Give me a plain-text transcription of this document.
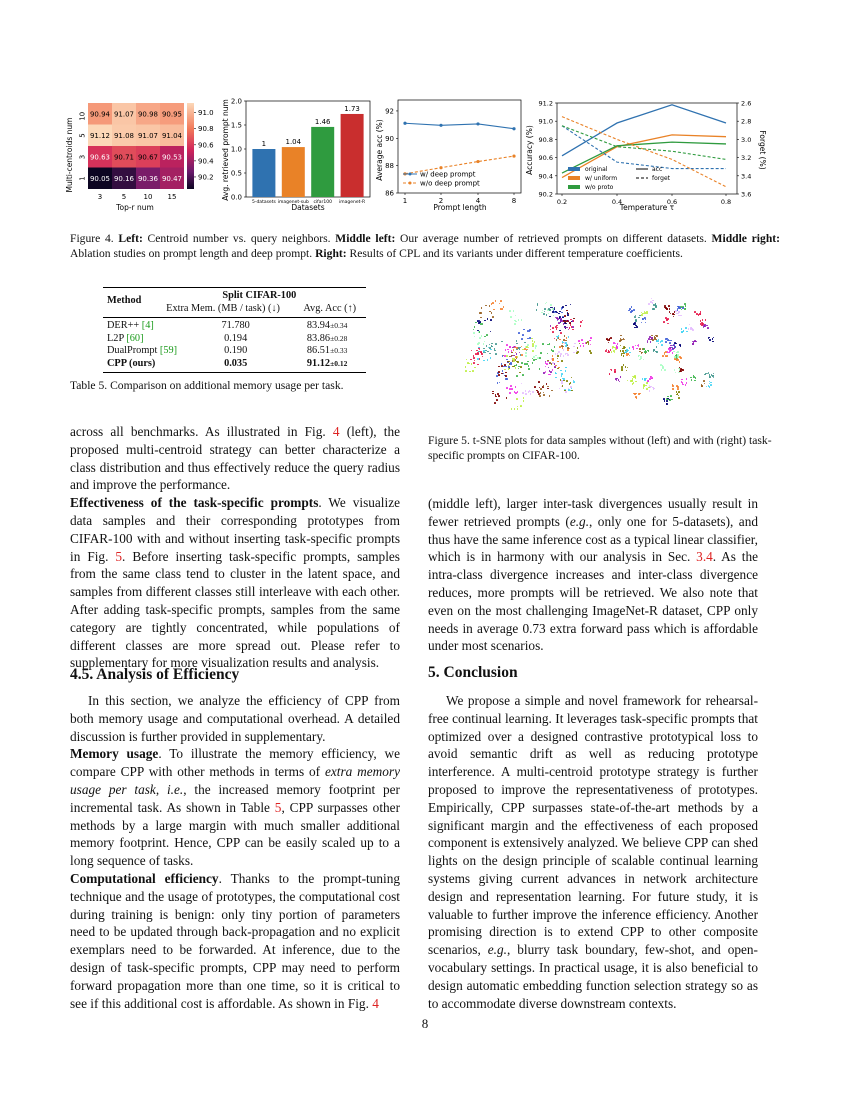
Multi-centroids num
90.94 91.07 90.98 90.95
91.12 91.08 91.07 91.04
90.63 90.71 90.67 90.53
90.05 90.16 90.36 90.47
10
5
3
1
3	5 10 15
Top-r num
91.0
90.8
90.6
90.4
90.2 Avg. retrieved prompt num 0.0
0.5
1.0
1.5
2.0
1
5-datasets
1.04
imagenet-sub
1.46
cifar100
1.73
imagenet-R
Datasets
Average acc (%)
92
90
88
86
1	2	4	8
w/ deep prompt
w/o deep prompt
Prompt length
Accuracy (%)
91.2
91.0
90.8
90.6
90.4
90.2
2.6
2.8
3.0
3.2
3.4
3.6
0.2	0.4	0.6	0.8
original
w/ uniform
w/o proto
acc
forget
Forget (%)
Temperature τ
Figure 4. Left: Centroid number vs. query neighbors. Middle left: Our average number of retrieved prompts on different datasets. Middle right: Ablation studies on prompt length and deep prompt. Right: Results of CPL and its variants under different temperature coefficients.
Method	Split CIFAR-100	
	Extra Mem. (MB / task) (↓)	Avg. Acc (↑)
DER++ [4]	71.780	83.94±0.34
L2P [60]	0.194	83.86±0.28
DualPrompt [59]	0.190	86.51±0.33
CPP (ours)	0.035	91.12±0.12
Table 5. Comparison on additional memory usage per task.
Figure 5. t-SNE plots for data samples without (left) and with (right) task-specific prompts on CIFAR-100.

across all benchmarks. As illustrated in Fig. 4 (left), the proposed multi-centroid strategy can better characterize a class distribution and thus effectively reduce the query radius and improve the performance.

Effectiveness of the task-specific prompts. We visualize data samples and their corresponding prototypes from CIFAR-100 with and without inserting task-specific prompts in Fig. 5. Before inserting task-specific prompts, samples from the same class tend to cluster in the latent space, and samples from different classes still interleave with each other. After adding task-specific prompts, samples from the same category are tightly concentrated, while populations of different classes are more spread out. Please refer to supplementary for more visualization results and analysis.

4.5. Analysis of Efficiency

In this section, we analyze the efficiency of CPP from both memory usage and computational overhead. A detailed discussion is further provided in supplementary.

Memory usage. To illustrate the memory efficiency, we compare CPP with other methods in terms of extra memory usage per task, i.e., the increased memory footprint per incremental task. As shown in Table 5, CPP surpasses other methods by a large margin with much smaller additional memory footprint. Hence, CPP can be easily scaled up to a long sequence of tasks.

Computational efficiency. Thanks to the prompt-tuning technique and the usage of prototypes, the computational cost during training is benign: only tiny portion of parameters need to be updated through back-propagation and no explicit exemplars need to be forwarded. At inference, due to the design of task-specific prompts, CPP may need to perform forward propagation more than one time, so it is critical to see if this additional cost is affordable. As shown in Fig. 4

(middle left), larger inter-task divergences usually result in fewer retrieved prompts (e.g., only one for 5-datasets), and thus have the same inference cost as a typical linear classifier, which is in harmony with our analysis in Sec. 3.4. As the intra-class divergence increases and inter-class divergence reduces, more prompts will be retrieved. We also note that even on the most challenging ImageNet-R dataset, CPP only needs in average 0.73 extra forward pass which is affordable under most scenarios.

5. Conclusion

We propose a simple and novel framework for rehearsal-free continual learning. It leverages task-specific prompts that optimized over a designed contrastive prototypical loss to avoid semantic drift as well as reducing prototype interference. A multi-centroid prototype strategy is further proposed to improve the representativeness of prototypes. Empirically, CPP surpasses state-of-the-art methods by a significant margin and the effectiveness of each proposed component is extensively analyzed. We believe CPP can shed lights on the design principle of scalable continual learning systems giving current advances in network architecture design and representation learning. For future study, it is valuable to further improve the inference efficiency. Another promising direction is to extend CPP to other composite scenarios, e.g., blurry task boundary, few-shot, and open-vocabulary settings. In practical usage, it is also beneficial to design automatic embedding function selection strategy so as to accommodate diverse downstream contexts.

8
